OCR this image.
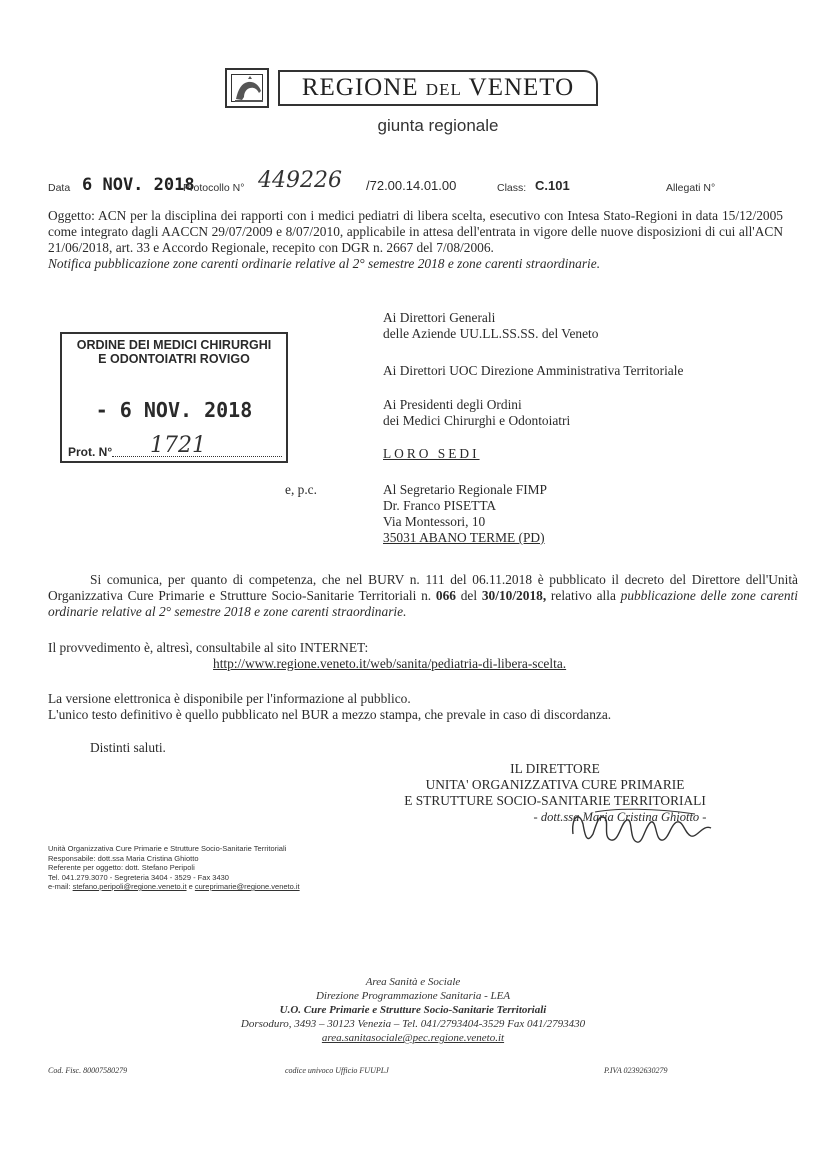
REGIONE DEL VENETO
giunta regionale
Data 6 NOV. 2018
Protocollo N° 449226 /72.00.14.01.00	Class: C.101	Allegati N°
Oggetto: ACN per la disciplina dei rapporti con i medici pediatri di libera scelta, esecutivo con Intesa Stato-Regioni in data 15/12/2005 come integrato dagli AACCN 29/07/2009 e 8/07/2010, applicabile in attesa dell'entrata in vigore delle nuove disposizioni di cui all'ACN 21/06/2018, art. 33 e Accordo Regionale, recepito con DGR n. 2667 del 7/08/2006.
Notifica pubblicazione zone carenti ordinarie relative al 2° semestre 2018 e zone carenti straordinarie.
ORDINE DEI MEDICI CHIRURGHI
E ODONTOIATRI ROVIGO
- 6 NOV. 2018
Prot. N° 1721
Ai Direttori Generali
delle Aziende UU.LL.SS.SS. del Veneto
Ai Direttori UOC Direzione Amministrativa Territoriale
Ai Presidenti degli Ordini
dei Medici Chirurghi e Odontoiatri
LORO SEDI
e, p.c.	Al Segretario Regionale FIMP
Dr. Franco PISETTA
Via Montessori, 10
35031 ABANO TERME (PD)
Si comunica, per quanto di competenza, che nel BURV n. 111 del 06.11.2018 è pubblicato il decreto del Direttore dell'Unità Organizzativa Cure Primarie e Strutture Socio-Sanitarie Territoriali n. 066 del 30/10/2018, relativo alla pubblicazione delle zone carenti ordinarie relative al 2° semestre 2018 e zone carenti straordinarie.
Il provvedimento è, altresì, consultabile al sito INTERNET:
http://www.regione.veneto.it/web/sanita/pediatria-di-libera-scelta.
La versione elettronica è disponibile per l'informazione al pubblico.
L'unico testo definitivo è quello pubblicato nel BUR a mezzo stampa, che prevale in caso di discordanza.
Distinti saluti.
IL DIRETTORE
UNITA' ORGANIZZATIVA CURE PRIMARIE
E STRUTTURE SOCIO-SANITARIE TERRITORIALI
- dott.ssa Maria Cristina Ghiotto -
Unità Organizzativa Cure Primarie e Strutture Socio-Sanitarie Territoriali
Responsabile: dott.ssa Maria Cristina Ghiotto
Referente per oggetto: dott. Stefano Peripoli
Tel. 041.279.3070 - Segreteria 3404 - 3529 - Fax 3430
e-mail: stefano.peripoli@regione.veneto.it e cureprimarie@regione.veneto.it
Area Sanità e Sociale
Direzione Programmazione Sanitaria - LEA
U.O. Cure Primarie e Strutture Socio-Sanitarie Territoriali
Dorsoduro, 3493 – 30123 Venezia – Tel. 041/2793404-3529 Fax 041/2793430
area.sanitasociale@pec.regione.veneto.it
Cod. Fisc. 80007580279	codice univoco Ufficio FUUPLJ	P.IVA 02392630279
